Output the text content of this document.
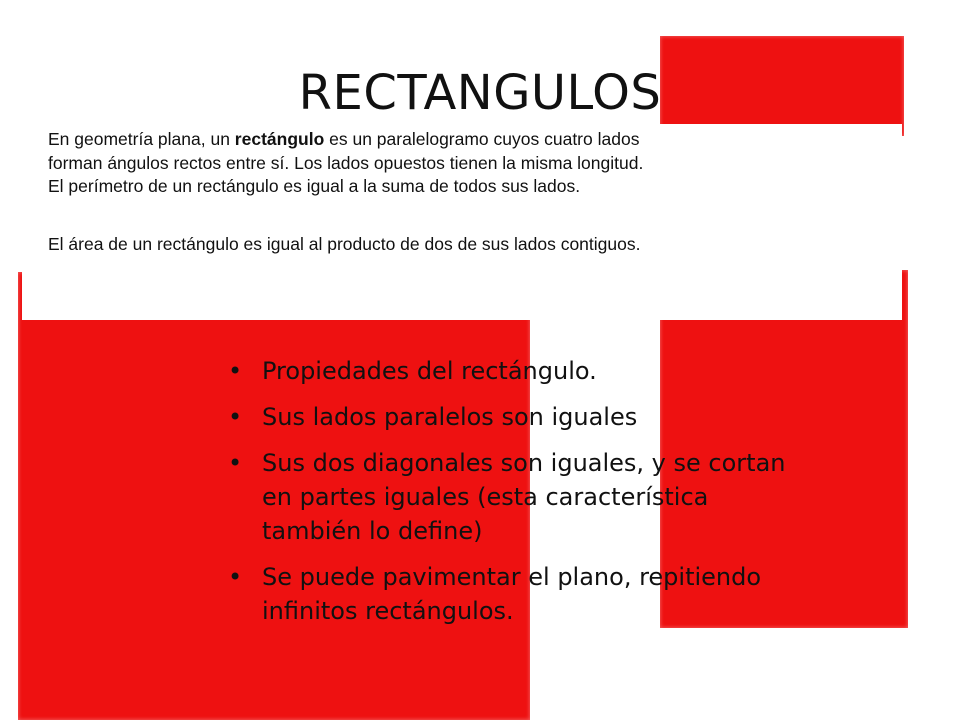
RECTANGULOS

En geometría plana, un rectángulo es un paralelogramo cuyos cuatro lados

forman ángulos rectos entre sí. Los lados opuestos tienen la misma longitud.

El perímetro de un rectángulo es igual a la suma de todos sus lados.

El área de un rectángulo es igual al producto de dos de sus lados contiguos.

• Propiedades del rectángulo.
• Sus lados paralelos son iguales
• Sus dos diagonales son iguales, y se cortan en partes iguales (esta característica también lo define)
• Se puede pavimentar el plano, repitiendo infinitos rectángulos.
